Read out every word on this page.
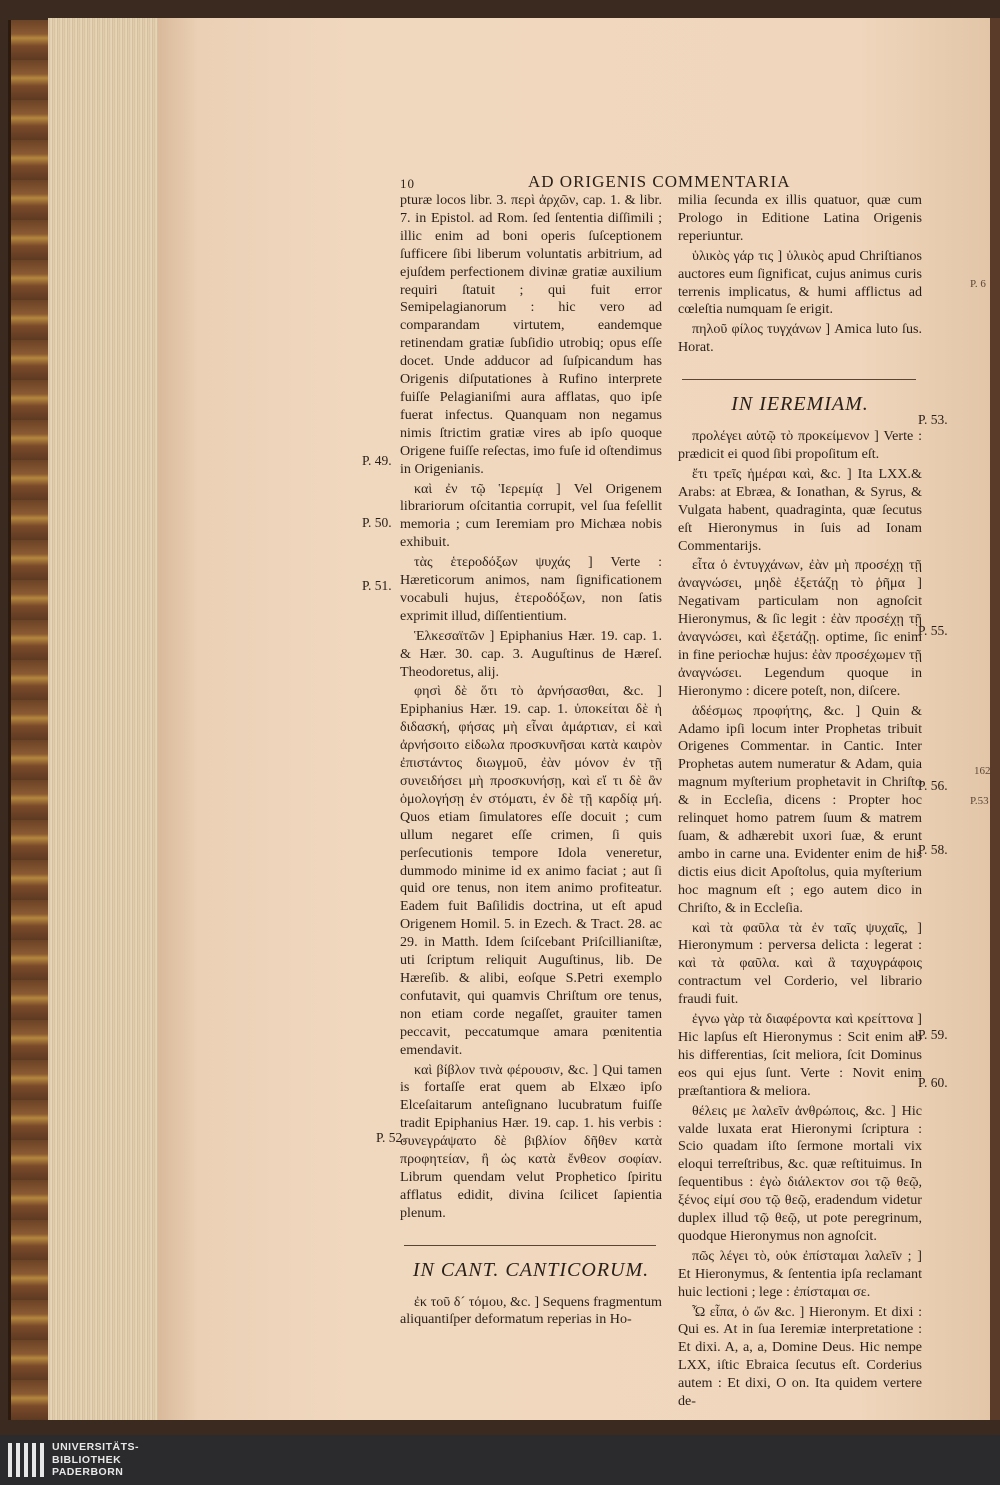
10	AD ORIGENIS COMMENTARIA

pturæ locos libr. 3. περὶ ἀρχῶν, cap. 1. & libr. 7. in Epistol. ad Rom. ſed ſententia diſſimili ; illic enim ad boni operis ſuſceptionem ſufficere ſibi liberum voluntatis arbitrium, ad ejuſdem perfectionem divinæ gratiæ auxilium requiri ſtatuit ; qui fuit error Semipelagianorum : hic vero ad comparandam virtutem, eandemque retinendam gratiæ ſubſidio utrobiq; opus eſſe docet. Unde adducor ad ſuſpicandum has Origenis diſputationes à Rufino interprete fuiſſe Pelagianiſmi aura afflatas, quo ipſe fuerat infectus. Quanquam non negamus nimis ſtrictim gratiæ vires ab ipſo quoque Origene fuiſſe reſectas, imo fuſe id oſtendimus in Origenianis.

καὶ ἐν τῷ Ἱερεμίᾳ ] Vel Origenem librariorum oſcitantia corrupit, vel ſua feſellit memoria ; cum Ieremiam pro Michæa nobis exhibuit.

τὰς ἑτεροδόξων ψυχάς ] Verte : Hæreticorum animos, nam ſignificationem vocabuli hujus, ἑτεροδόξων, non ſatis exprimit illud, diſſentientium.

Ἑλκεσαϊτῶν ] Epiphanius Hær. 19. cap. 1. & Hær. 30. cap. 3. Auguſtinus de Hæreſ. Theodoretus, alij.

φησὶ δὲ ὅτι τὸ ἀρνήσασθαι, &c. ] Epiphanius Hær. 19. cap. 1. ὑποκείται δὲ ἡ διδασκή, φήσας μὴ εἶναι ἁμάρτιαν, εἰ καὶ ἀρνήσοιτο εἰδωλα προσκυνῆσαι κατὰ καιρὸν ἐπιστάντος διωγμοῦ, ἐὰν μόνον ἐν τῇ συνειδήσει μὴ προσκυνήσῃ, καὶ εἴ τι δὲ ἂν ὁμολογήσῃ ἐν στόματι, ἐν δὲ τῇ καρδίᾳ μή. Quos etiam ſimulatores eſſe docuit ; cum ullum negaret eſſe crimen, ſi quis perſecutionis tempore Idola veneretur, dummodo minime id ex animo faciat ; aut ſi quid ore tenus, non item animo profiteatur. Eadem fuit Baſilidis doctrina, ut eſt apud Origenem Homil. 5. in Ezech. & Tract. 28. ac 29. in Matth. Idem ſciſcebant Priſcillianiſtæ, uti ſcriptum reliquit Auguſtinus, lib. De Hæreſib. & alibi, eoſque S.Petri exemplo confutavit, qui quamvis Chriſtum ore tenus, non etiam corde negaſſet, grauiter tamen peccavit, peccatumque amara pœnitentia emendavit.

καὶ βίβλον τινὰ φέρουσιν, &c. ] Qui tamen is fortaſſe erat quem ab Elxæo ipſo Elceſaitarum anteſignano lucubratum fuiſſe tradit Epiphanius Hær. 19. cap. 1. his verbis : συνεγράψατο δὲ βιβλίον δῆθεν κατὰ προφητείαν, ἢ ὡς κατὰ ἔνθεον σοφίαν. Librum quendam velut Prophetico ſpiritu afflatus edidit, divina ſcilicet ſapientia plenum.

IN CANT. CANTICORUM.

ἐκ τοῦ δ´ τόμου, &c. ] Sequens fragmentum aliquantiſper deformatum reperias in Ho-

milia ſecunda ex illis quatuor, quæ cum Prologo in Editione Latina Origenis reperiuntur.

ὑλικὸς γάρ τις ] ὑλικὸς apud Chriſtianos auctores eum ſignificat, cujus animus curis terrenis implicatus, & humi afflictus ad cœleſtia numquam ſe erigit.

πηλοῦ φίλος τυγχάνων ] Amica luto ſus. Horat.

IN IEREMIAM.

προλέγει αὐτῷ τὸ προκείμενον ] Verte : prædicit ei quod ſibi propoſitum eſt.

ἔτι τρεῖς ἡμέραι καὶ, &c. ] Ita LXX.& Arabs: at Ebræa, & Ionathan, & Syrus, & Vulgata habent, quadraginta, quæ ſecutus eſt Hieronymus in ſuis ad Ionam Commentarijs.

εἶτα ὁ ἐντυγχάνων, ἐὰν μὴ προσέχῃ τῇ ἀναγνώσει, μηδὲ ἐξετάζῃ τὸ ῥῆμα ] Negativam particulam non agnoſcit Hieronymus, & ſic legit : ἐὰν προσέχῃ τῇ ἀναγνώσει, καὶ ἐξετάζῃ. optime, ſic enim in fine periochæ hujus: ἐὰν προσέχωμεν τῇ ἀναγνώσει. Legendum quoque in Hieronymo : dicere poteſt, non, diſcere.

ἀδέσμως προφήτης, &c. ] Quin & Adamo ipſi locum inter Prophetas tribuit Origenes Commentar. in Cantic. Inter Prophetas autem numeratur & Adam, quia magnum myſterium prophetavit in Chriſto & in Eccleſia, dicens : Propter hoc relinquet homo patrem ſuum & matrem ſuam, & adhærebit uxori ſuæ, & erunt ambo in carne una. Evidenter enim de his dictis eius dicit Apoſtolus, quia myſterium hoc magnum eſt ; ego autem dico in Chriſto, & in Eccleſia.

καὶ τὰ φαῦλα τὰ ἐν ταῖς ψυχαῖς, ] Hieronymum : perversa delicta : legerat : καὶ τὰ φαῦλα. καὶ ἃ ταχυγράφοις contractum vel Corderio, vel librario fraudi fuit.

ἐγνω γὰρ τὰ διαφέροντα καὶ κρείττονα ] Hic lapſus eſt Hieronymus : Scit enim ab his differentias, ſcit meliora, ſcit Dominus eos qui ejus ſunt. Verte : Novit enim præſtantiora & meliora.

θέλεις με λαλεῖν ἀνθρώποις, &c. ] Hic valde luxata erat Hieronymi ſcriptura : Scio quadam iſto ſermone mortali vix eloqui terreſtribus, &c. quæ reſtituimus. In ſequentibus : ἐγὼ διάλεκτον σοι τῷ θεῷ, ξένος εἰμί σου τῷ θεῷ, eradendum videtur duplex illud τῷ θεῷ, ut pote peregrinum, quodque Hieronymus non agnoſcit.

πῶς λέγει τὸ, οὐκ ἐπίσταμαι λαλεῖν ; ] Et Hieronymus, & ſententia ipſa reclamant huic lectioni ; lege : ἐπίσταμαι σε.

Ὦ εἶπα, ὁ ὤν &c. ] Hieronym. Et dixi : Qui es. At in ſua Ieremiæ interpretatione : Et dixi. A, a, a, Domine Deus. Hic nempe LXX, iſtic Ebraica ſecutus eſt. Corderius autem : Et dixi, O on. Ita quidem vertere de-

P. 49.
P. 50.
P. 51.
P. 52.
P. 53.
P. 55.
P. 56.
P. 58.
P. 59.
P. 60.
P. 6
162
P.53
UNIVERSITÄTS-
BIBLIOTHEK
PADERBORN
